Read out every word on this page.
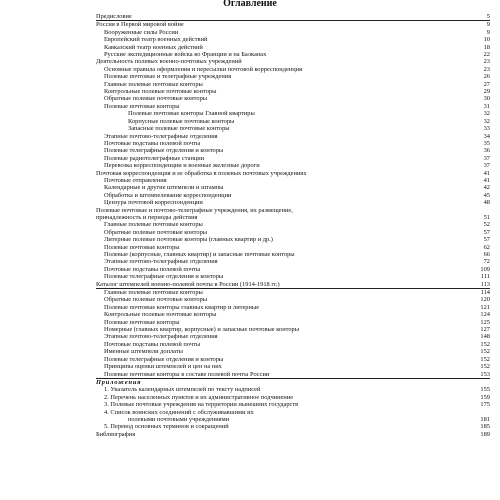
Оглавление
Предисловие	5
Россия в Первой мировой войне	9
Вооруженные силы России	9
Европейский театр военных действий	10
Кавказский театр военных действий	18
Русские экспедиционные войска во Франции и на Балканах	22
Деятельность полевых военно-почтовых учреждений	23
Основные правила оформления и пересылки почтовой корреспонденции	23
Полевые почтовые и телеграфные учреждения	26
Главные полевые почтовые конторы	27
Контрольные полевые почтовые конторы	29
Обратные полевые почтовые конторы	30
Полевые почтовые конторы	31
Полевые почтовые конторы Главной квартиры	32
Корпусные полевые почтовые конторы	32
Запасные полевые почтовые конторы	33
Этапные почтово-телеграфные отделения	34
Почтовые подставы полевой почты	35
Полевые телеграфные отделения и конторы	36
Полевые радиотелеграфные станции	37
Перевозка корреспонденции и военные железные дороги	37
Почтовая корреспонденция и ее обработка в полевых почтовых учреждениях	41
Почтовые отправления	41
Календарные и другие штемпели и штампы	42
Обработка и штемпелевание корреспонденции	45
Цензура почтовой корреспонденции	48
Полевые почтовые и почтово-телеграфные учреждения, их размещение,
принадлежность и периоды действия	51
Главные полевые почтовые конторы	52
Обратные полевые почтовые конторы	57
Литерные полевые почтовые конторы (главных квартир и др.)	57
Полевые почтовые конторы	62
Полевые (корпусные, главных квартир) и запасные почтовые конторы	66
Этапные почтово-телеграфные отделения	72
Почтовые подставы полевой почты	109
Полевые телеграфные отделения и конторы	111
Каталог штемпелей военно-полевой почты в России (1914-1918 гг.)	113
Главные полевые почтовые конторы	114
Обратные полевые почтовые конторы	120
Полевые почтовые конторы главных квартир и литерные	121
Контрольные полевые почтовые конторы	124
Полевые почтовые конторы	125
Номерные (главных квартир, корпусные) и запасные почтовые конторы	127
Этапные почтово-телеграфные отделения	148
Почтовые подставы полевой почты	152
Именные штемпели доплаты	152
Полевые телеграфные отделения и конторы	152
Принципы оценки штемпелей и цен на них	152
Полевые почтовые конторы в составе полевой почты России	153
Приложения
1. Указатель календарных штемпелей по тексту надписей	155
2. Перечень населенных пунктов и их административное подчинение	159
3. Полевые почтовые учреждения на территории нынешних государств	175
4. Список воинских соединений с обслуживавшими их
полевыми почтовыми учреждениями	181
5. Перевод основных терминов и сокращений	185
Библиография	189
